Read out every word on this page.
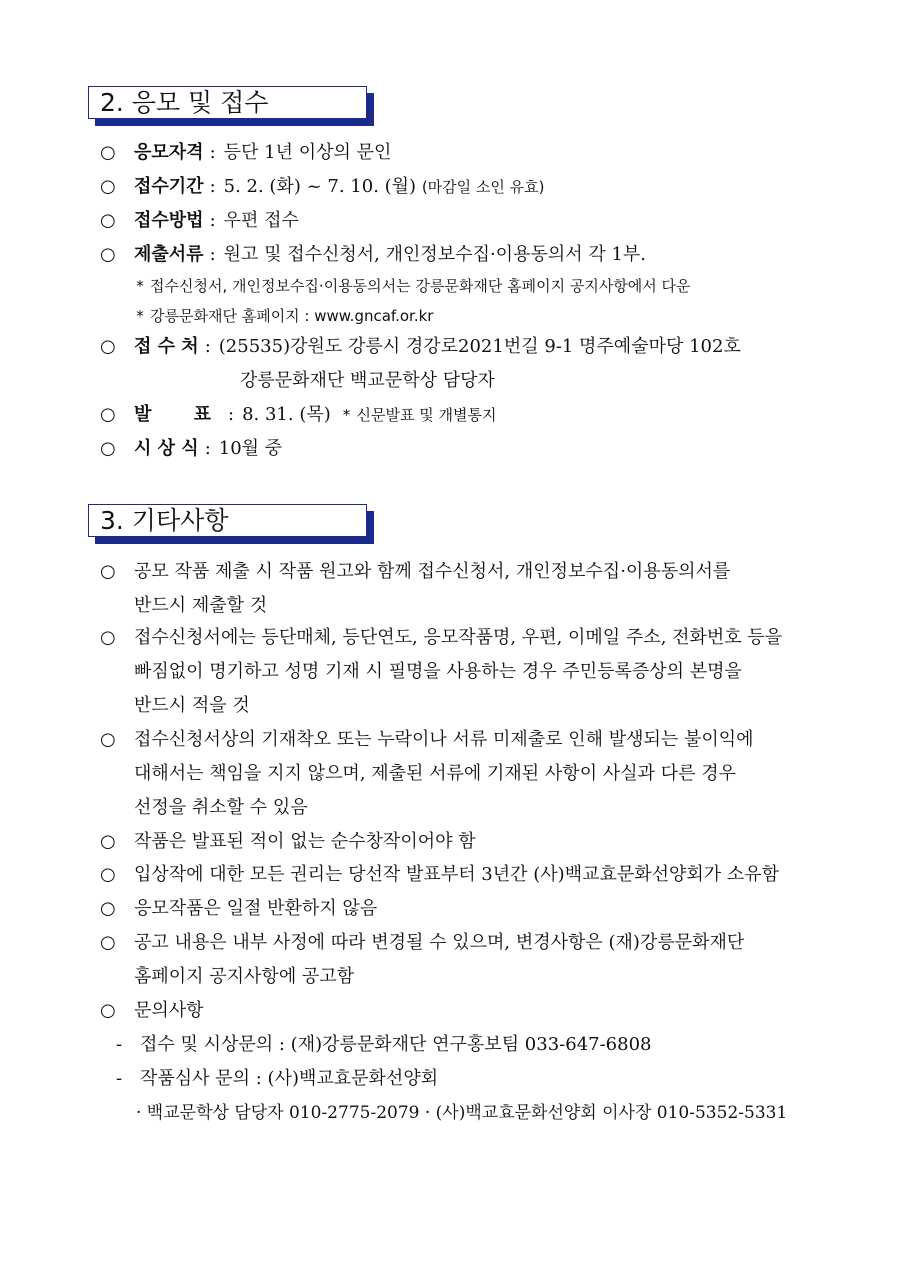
2. 응모 및 접수
○ 응모자격 : 등단 1년 이상의 문인
○ 접수기간 : 5. 2. (화) ~ 7. 10. (월) (마감일 소인 유효)
○ 접수방법 : 우편 접수
○ 제출서류 : 원고 및 접수신청서, 개인정보수집·이용동의서 각 1부.
* 접수신청서, 개인정보수집·이용동의서는 강릉문화재단 홈페이지 공지사항에서 다운
* 강릉문화재단 홈페이지 : www.gncaf.or.kr
○ 접 수 처 : (25535)강원도 강릉시 경강로2021번길 9-1 명주예술마당 102호
강릉문화재단 백교문학상 담당자
○ 발 표: 8. 31. (목) * 신문발표 및 개별통지
○ 시 상 식 : 10월 중
3. 기타사항
○ 공모 작품 제출 시 작품 원고와 함께 접수신청서, 개인정보수집·이용동의서를
반드시 제출할 것
○ 접수신청서에는 등단매체, 등단연도, 응모작품명, 우편, 이메일 주소, 전화번호 등을
빠짐없이 명기하고 성명 기재 시 필명을 사용하는 경우 주민등록증상의 본명을
반드시 적을 것
○ 접수신청서상의 기재착오 또는 누락이나 서류 미제출로 인해 발생되는 불이익에
대해서는 책임을 지지 않으며, 제출된 서류에 기재된 사항이 사실과 다른 경우
선정을 취소할 수 있음
○ 작품은 발표된 적이 없는 순수창작이어야 함
○ 입상작에 대한 모든 권리는 당선작 발표부터 3년간 (사)백교효문화선양회가 소유함
○ 응모작품은 일절 반환하지 않음
○ 공고 내용은 내부 사정에 따라 변경될 수 있으며, 변경사항은 (재)강릉문화재단
홈페이지 공지사항에 공고함
○ 문의사항
- 접수 및 시상문의 : (재)강릉문화재단 연구홍보팀 033-647-6808
- 작품심사 문의 : (사)백교효문화선양회
· 백교문학상 담당자 010-2775-2079 · (사)백교효문화선양회 이사장 010-5352-5331
